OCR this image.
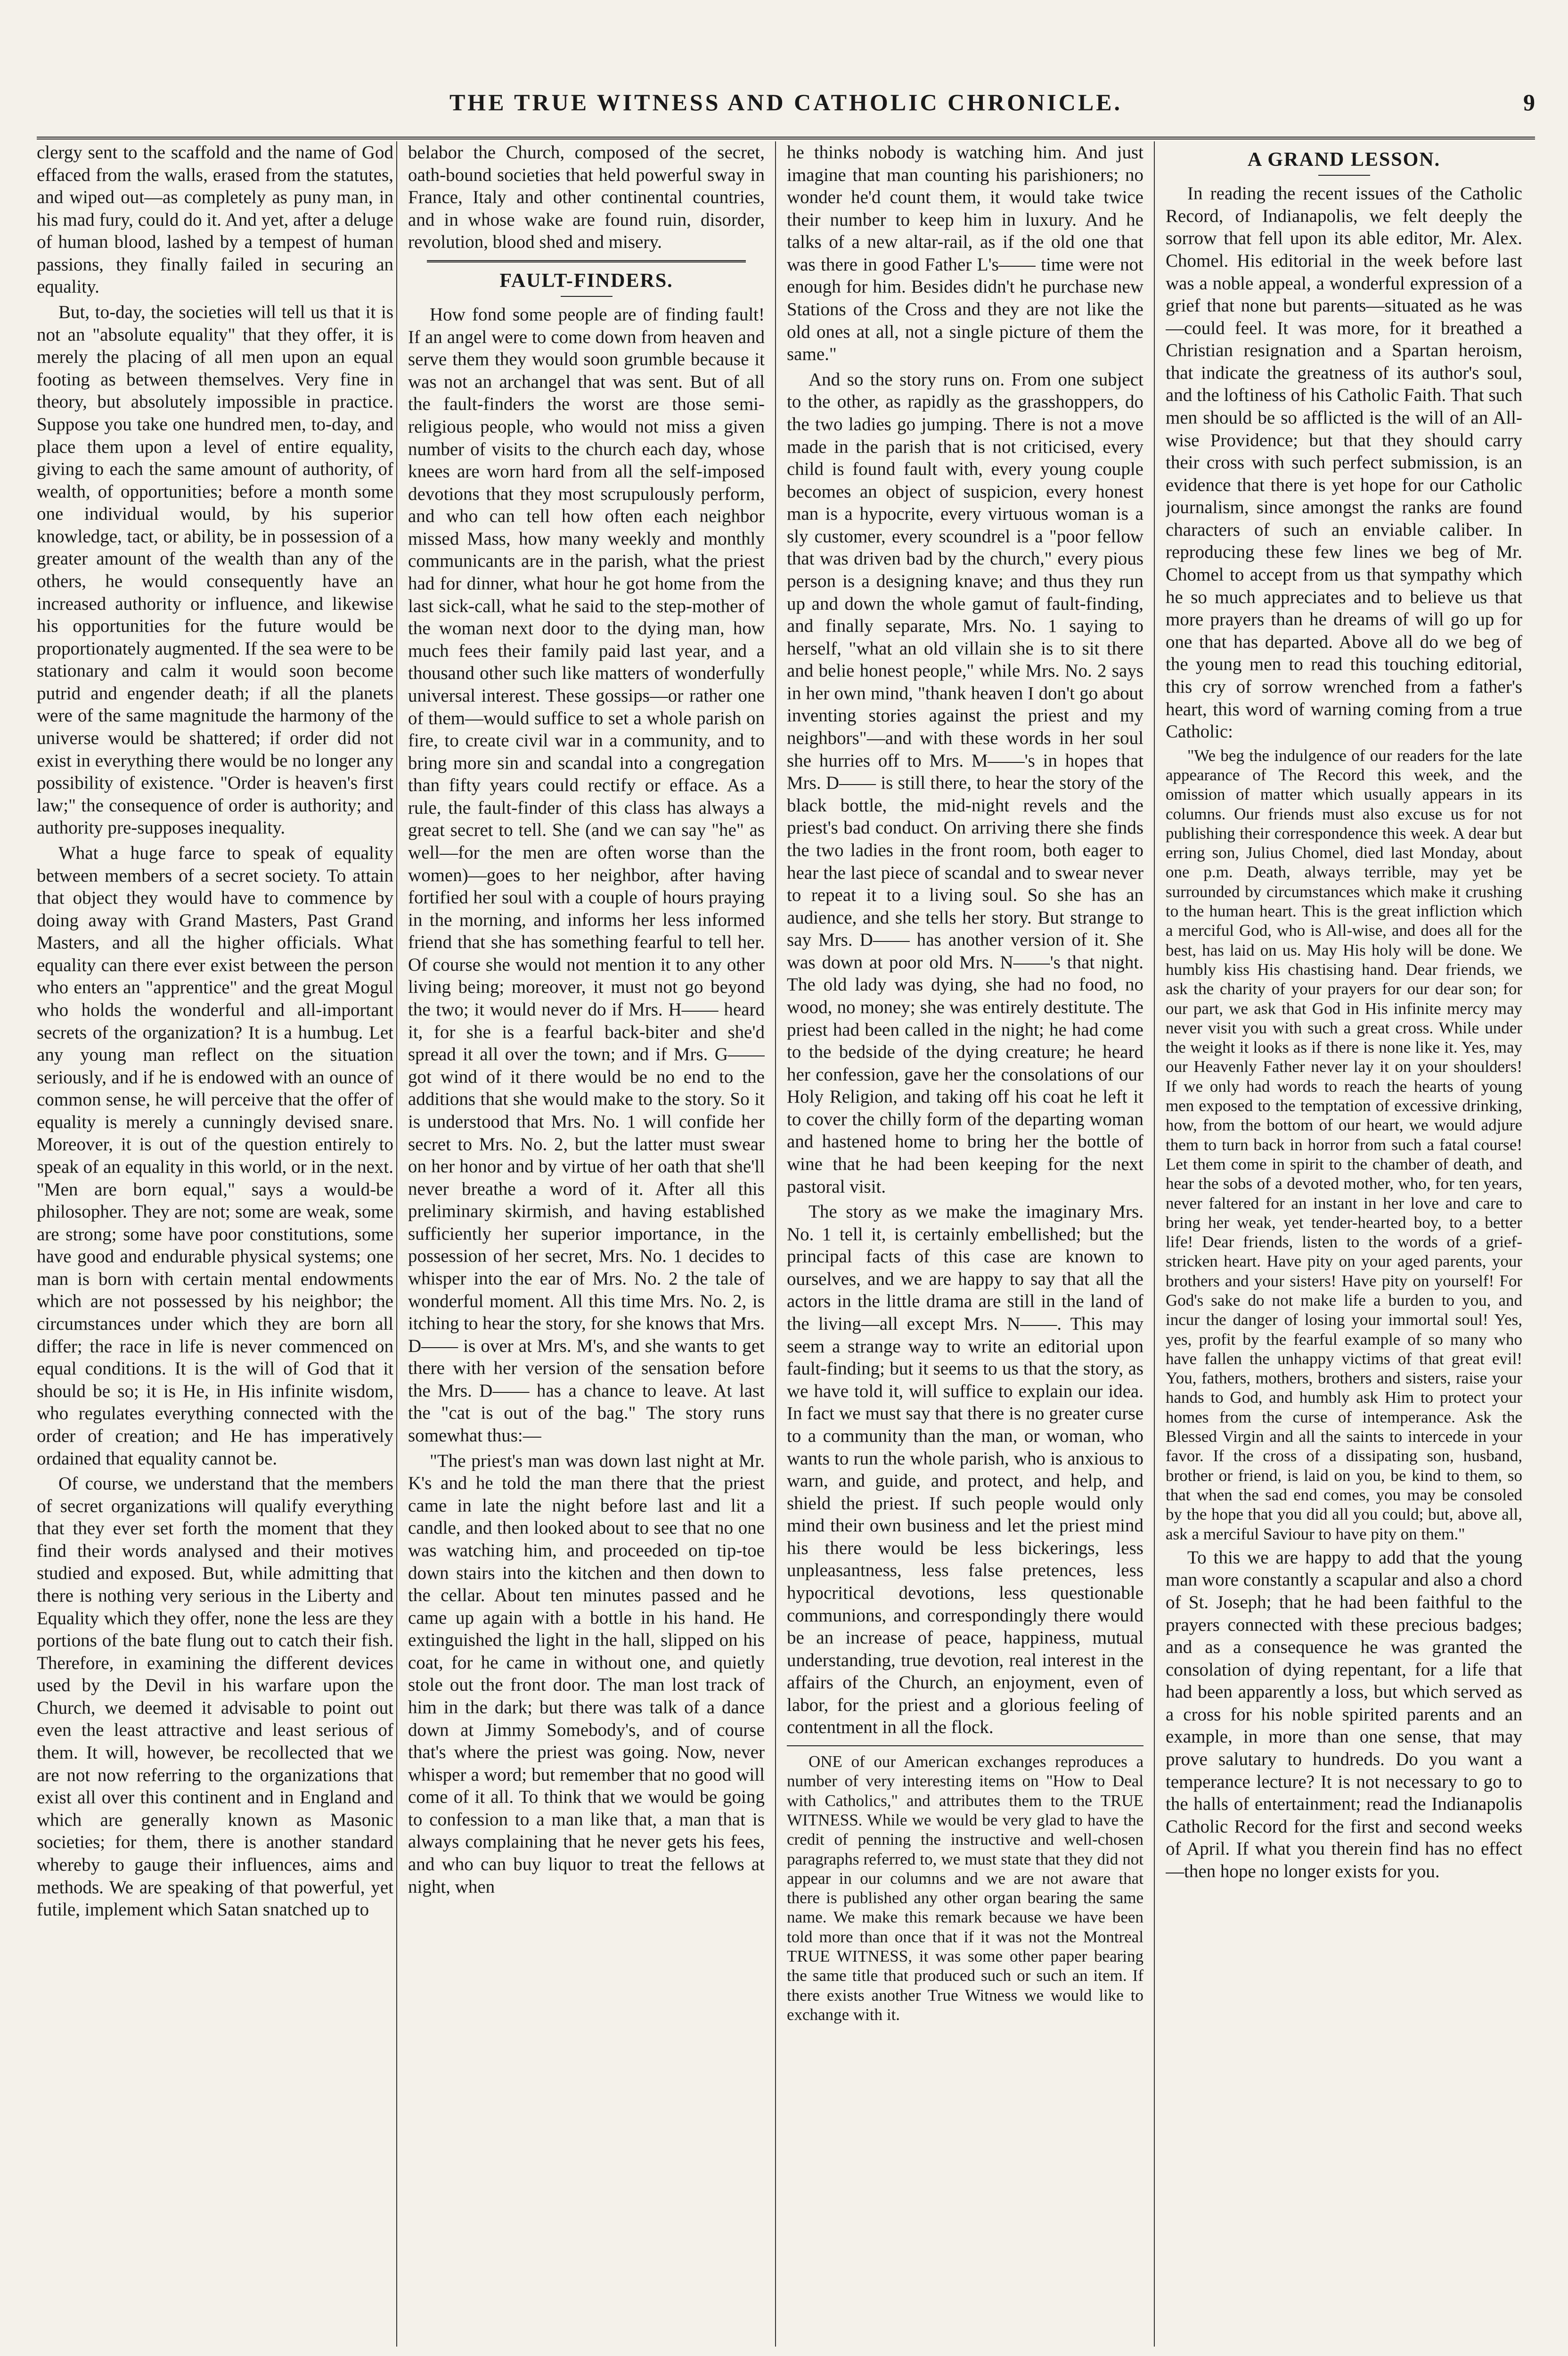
THE TRUE WITNESS AND CATHOLIC CHRONICLE.	9

clergy sent to the scaffold and the name of God effaced from the walls, erased from the statutes, and wiped out—as completely as puny man, in his mad fury, could do it. And yet, after a deluge of human blood, lashed by a tempest of human passions, they finally failed in securing an equality.

But, to-day, the societies will tell us that it is not an "absolute equality" that they offer, it is merely the placing of all men upon an equal footing as between themselves. Very fine in theory, but absolutely impossible in practice. Suppose you take one hundred men, to-day, and place them upon a level of entire equality, giving to each the same amount of authority, of wealth, of opportunities; before a month some one individual would, by his superior knowledge, tact, or ability, be in possession of a greater amount of the wealth than any of the others, he would consequently have an increased authority or influence, and likewise his opportunities for the future would be proportionately augmented. If the sea were to be stationary and calm it would soon become putrid and engender death; if all the planets were of the same magnitude the harmony of the universe would be shattered; if order did not exist in everything there would be no longer any possibility of existence. "Order is heaven's first law;" the consequence of order is authority; and authority pre-supposes inequality.

What a huge farce to speak of equality between members of a secret society. To attain that object they would have to commence by doing away with Grand Masters, Past Grand Masters, and all the higher officials. What equality can there ever exist between the person who enters an "apprentice" and the great Mogul who holds the wonderful and all-important secrets of the organization? It is a humbug. Let any young man reflect on the situation seriously, and if he is endowed with an ounce of common sense, he will perceive that the offer of equality is merely a cunningly devised snare. Moreover, it is out of the question entirely to speak of an equality in this world, or in the next. "Men are born equal," says a would-be philosopher. They are not; some are weak, some are strong; some have poor constitutions, some have good and endurable physical systems; one man is born with certain mental endowments which are not possessed by his neighbor; the circumstances under which they are born all differ; the race in life is never commenced on equal conditions. It is the will of God that it should be so; it is He, in His infinite wisdom, who regulates everything connected with the order of creation; and He has imperatively ordained that equality cannot be.

Of course, we understand that the members of secret organizations will qualify everything that they ever set forth the moment that they find their words analysed and their motives studied and exposed. But, while admitting that there is nothing very serious in the Liberty and Equality which they offer, none the less are they portions of the bate flung out to catch their fish. Therefore, in examining the different devices used by the Devil in his warfare upon the Church, we deemed it advisable to point out even the least attractive and least serious of them. It will, however, be recollected that we are not now referring to the organizations that exist all over this continent and in England and which are generally known as Masonic societies; for them, there is another standard whereby to gauge their influences, aims and methods. We are speaking of that powerful, yet futile, implement which Satan snatched up to

belabor the Church, composed of the secret, oath-bound societies that held powerful sway in France, Italy and other continental countries, and in whose wake are found ruin, disorder, revolution, blood shed and misery.

FAULT-FINDERS.

How fond some people are of finding fault! If an angel were to come down from heaven and serve them they would soon grumble because it was not an archangel that was sent. But of all the fault-finders the worst are those semi-religious people, who would not miss a given number of visits to the church each day, whose knees are worn hard from all the self-imposed devotions that they most scrupulously perform, and who can tell how often each neighbor missed Mass, how many weekly and monthly communicants are in the parish, what the priest had for dinner, what hour he got home from the last sick-call, what he said to the step-mother of the woman next door to the dying man, how much fees their family paid last year, and a thousand other such like matters of wonderfully universal interest. These gossips—or rather one of them—would suffice to set a whole parish on fire, to create civil war in a community, and to bring more sin and scandal into a congregation than fifty years could rectify or efface. As a rule, the fault-finder of this class has always a great secret to tell. She (and we can say "he" as well—for the men are often worse than the women)—goes to her neighbor, after having fortified her soul with a couple of hours praying in the morning, and informs her less informed friend that she has something fearful to tell her. Of course she would not mention it to any other living being; moreover, it must not go beyond the two; it would never do if Mrs. H—— heard it, for she is a fearful back-biter and she'd spread it all over the town; and if Mrs. G—— got wind of it there would be no end to the additions that she would make to the story. So it is understood that Mrs. No. 1 will confide her secret to Mrs. No. 2, but the latter must swear on her honor and by virtue of her oath that she'll never breathe a word of it. After all this preliminary skirmish, and having established sufficiently her superior importance, in the possession of her secret, Mrs. No. 1 decides to whisper into the ear of Mrs. No. 2 the tale of wonderful moment. All this time Mrs. No. 2, is itching to hear the story, for she knows that Mrs. D—— is over at Mrs. M's, and she wants to get there with her version of the sensation before the Mrs. D—— has a chance to leave. At last the "cat is out of the bag." The story runs somewhat thus:—

"The priest's man was down last night at Mr. K's and he told the man there that the priest came in late the night before last and lit a candle, and then looked about to see that no one was watching him, and proceeded on tip-toe down stairs into the kitchen and then down to the cellar. About ten minutes passed and he came up again with a bottle in his hand. He extinguished the light in the hall, slipped on his coat, for he came in without one, and quietly stole out the front door. The man lost track of him in the dark; but there was talk of a dance down at Jimmy Somebody's, and of course that's where the priest was going. Now, never whisper a word; but remember that no good will come of it all. To think that we would be going to confession to a man like that, a man that is always complaining that he never gets his fees, and who can buy liquor to treat the fellows at night, when

he thinks nobody is watching him. And just imagine that man counting his parishioners; no wonder he'd count them, it would take twice their number to keep him in luxury. And he talks of a new altar-rail, as if the old one that was there in good Father L's—— time were not enough for him. Besides didn't he purchase new Stations of the Cross and they are not like the old ones at all, not a single picture of them the same."

And so the story runs on. From one subject to the other, as rapidly as the grasshoppers, do the two ladies go jumping. There is not a move made in the parish that is not criticised, every child is found fault with, every young couple becomes an object of suspicion, every honest man is a hypocrite, every virtuous woman is a sly customer, every scoundrel is a "poor fellow that was driven bad by the church," every pious person is a designing knave; and thus they run up and down the whole gamut of fault-finding, and finally separate, Mrs. No. 1 saying to herself, "what an old villain she is to sit there and belie honest people," while Mrs. No. 2 says in her own mind, "thank heaven I don't go about inventing stories against the priest and my neighbors"—and with these words in her soul she hurries off to Mrs. M——'s in hopes that Mrs. D—— is still there, to hear the story of the black bottle, the mid-night revels and the priest's bad conduct. On arriving there she finds the two ladies in the front room, both eager to hear the last piece of scandal and to swear never to repeat it to a living soul. So she has an audience, and she tells her story. But strange to say Mrs. D—— has another version of it. She was down at poor old Mrs. N——'s that night. The old lady was dying, she had no food, no wood, no money; she was entirely destitute. The priest had been called in the night; he had come to the bedside of the dying creature; he heard her confession, gave her the consolations of our Holy Religion, and taking off his coat he left it to cover the chilly form of the departing woman and hastened home to bring her the bottle of wine that he had been keeping for the next pastoral visit.

The story as we make the imaginary Mrs. No. 1 tell it, is certainly embellished; but the principal facts of this case are known to ourselves, and we are happy to say that all the actors in the little drama are still in the land of the living—all except Mrs. N——. This may seem a strange way to write an editorial upon fault-finding; but it seems to us that the story, as we have told it, will suffice to explain our idea. In fact we must say that there is no greater curse to a community than the man, or woman, who wants to run the whole parish, who is anxious to warn, and guide, and protect, and help, and shield the priest. If such people would only mind their own business and let the priest mind his there would be less bickerings, less unpleasantness, less false pretences, less hypocritical devotions, less questionable communions, and correspondingly there would be an increase of peace, happiness, mutual understanding, true devotion, real interest in the affairs of the Church, an enjoyment, even of labor, for the priest and a glorious feeling of contentment in all the flock.

ONE of our American exchanges reproduces a number of very interesting items on "How to Deal with Catholics," and attributes them to the TRUE WITNESS. While we would be very glad to have the credit of penning the instructive and well-chosen paragraphs referred to, we must state that they did not appear in our columns and we are not aware that there is published any other organ bearing the same name. We make this remark because we have been told more than once that if it was not the Montreal TRUE WITNESS, it was some other paper bearing the same title that produced such or such an item. If there exists another True Witness we would like to exchange with it.

A GRAND LESSON.

In reading the recent issues of the Catholic Record, of Indianapolis, we felt deeply the sorrow that fell upon its able editor, Mr. Alex. Chomel. His editorial in the week before last was a noble appeal, a wonderful expression of a grief that none but parents—situated as he was—could feel. It was more, for it breathed a Christian resignation and a Spartan heroism, that indicate the greatness of its author's soul, and the loftiness of his Catholic Faith. That such men should be so afflicted is the will of an All-wise Providence; but that they should carry their cross with such perfect submission, is an evidence that there is yet hope for our Catholic journalism, since amongst the ranks are found characters of such an enviable caliber. In reproducing these few lines we beg of Mr. Chomel to accept from us that sympathy which he so much appreciates and to believe us that more prayers than he dreams of will go up for one that has departed. Above all do we beg of the young men to read this touching editorial, this cry of sorrow wrenched from a father's heart, this word of warning coming from a true Catholic:

"We beg the indulgence of our readers for the late appearance of The Record this week, and the omission of matter which usually appears in its columns. Our friends must also excuse us for not publishing their correspondence this week. A dear but erring son, Julius Chomel, died last Monday, about one p.m. Death, always terrible, may yet be surrounded by circumstances which make it crushing to the human heart. This is the great infliction which a merciful God, who is All-wise, and does all for the best, has laid on us. May His holy will be done. We humbly kiss His chastising hand. Dear friends, we ask the charity of your prayers for our dear son; for our part, we ask that God in His infinite mercy may never visit you with such a great cross. While under the weight it looks as if there is none like it. Yes, may our Heavenly Father never lay it on your shoulders! If we only had words to reach the hearts of young men exposed to the temptation of excessive drinking, how, from the bottom of our heart, we would adjure them to turn back in horror from such a fatal course! Let them come in spirit to the chamber of death, and hear the sobs of a devoted mother, who, for ten years, never faltered for an instant in her love and care to bring her weak, yet tender-hearted boy, to a better life! Dear friends, listen to the words of a grief-stricken heart. Have pity on your aged parents, your brothers and your sisters! Have pity on yourself! For God's sake do not make life a burden to you, and incur the danger of losing your immortal soul! Yes, yes, profit by the fearful example of so many who have fallen the unhappy victims of that great evil! You, fathers, mothers, brothers and sisters, raise your hands to God, and humbly ask Him to protect your homes from the curse of intemperance. Ask the Blessed Virgin and all the saints to intercede in your favor. If the cross of a dissipating son, husband, brother or friend, is laid on you, be kind to them, so that when the sad end comes, you may be consoled by the hope that you did all you could; but, above all, ask a merciful Saviour to have pity on them."

To this we are happy to add that the young man wore constantly a scapular and also a chord of St. Joseph; that he had been faithful to the prayers connected with these precious badges; and as a consequence he was granted the consolation of dying repentant, for a life that had been apparently a loss, but which served as a cross for his noble spirited parents and an example, in more than one sense, that may prove salutary to hundreds. Do you want a temperance lecture? It is not necessary to go to the halls of entertainment; read the Indianapolis Catholic Record for the first and second weeks of April. If what you therein find has no effect—then hope no longer exists for you.
